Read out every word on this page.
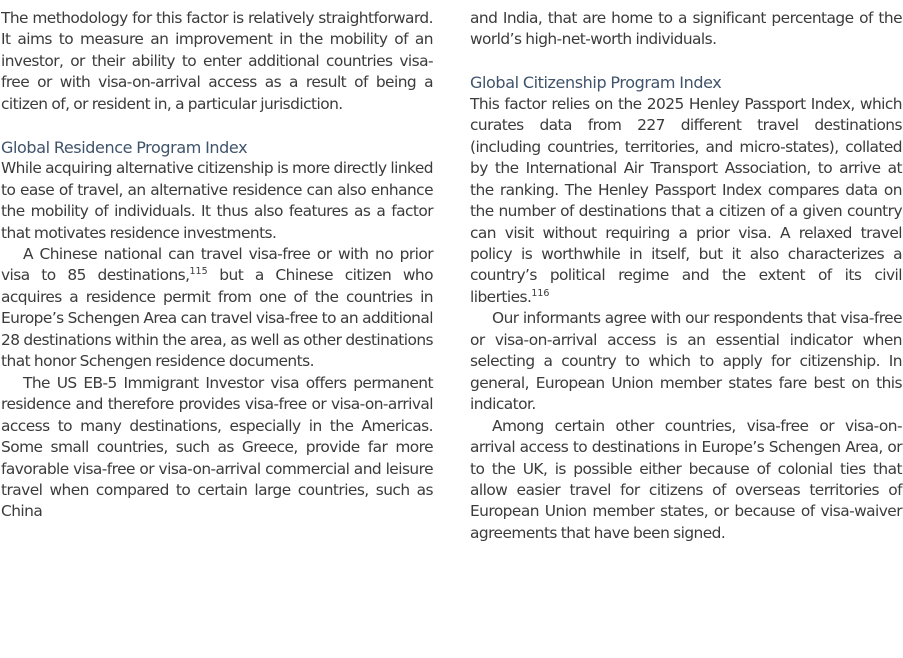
The methodology for this factor is relatively straightforward. It aims to measure an improvement in the mobility of an investor, or their ability to enter additional countries visa-free or with visa-on-arrival access as a result of being a citizen of, or resident in, a particular jurisdiction.

Global Residence Program Index

While acquiring alternative citizenship is more directly linked to ease of travel, an alternative residence can also enhance the mobility of individuals. It thus also features as a factor that motivates residence investments.

A Chinese national can travel visa-free or with no prior visa to 85 destinations,$^{115}$ but a Chinese citizen who acquires a residence permit from one of the countries in Europe’s Schengen Area can travel visa-free to an additional 28 destinations within the area, as well as other destinations that honor Schengen residence documents.

The US EB-5 Immigrant Investor visa offers permanent residence and therefore provides visa-free or visa-on-arrival access to many destinations, especially in the Americas. Some small countries, such as Greece, provide far more favorable visa-free or visa-on-arrival commercial and leisure travel when compared to certain large countries, such as China

and India, that are home to a significant percentage of the world’s high-net-worth individuals.

Global Citizenship Program Index

This factor relies on the 2025 Henley Passport Index, which curates data from 227 different travel destinations (including countries, territories, and micro-states), collated by the International Air Transport Association, to arrive at the ranking. The Henley Passport Index compares data on the number of destinations that a citizen of a given country can visit without requiring a prior visa. A relaxed travel policy is worthwhile in itself, but it also characterizes a country’s political regime and the extent of its civil liberties.$^{116}$

Our informants agree with our respondents that visa-free or visa-on-arrival access is an essential indicator when selecting a country to which to apply for citizenship. In general, European Union member states fare best on this indicator.

Among certain other countries, visa-free or visa-on-arrival access to destinations in Europe’s Schengen Area, or to the UK, is possible either because of colonial ties that allow easier travel for citizens of overseas territories of European Union member states, or because of visa-waiver agreements that have been signed.
